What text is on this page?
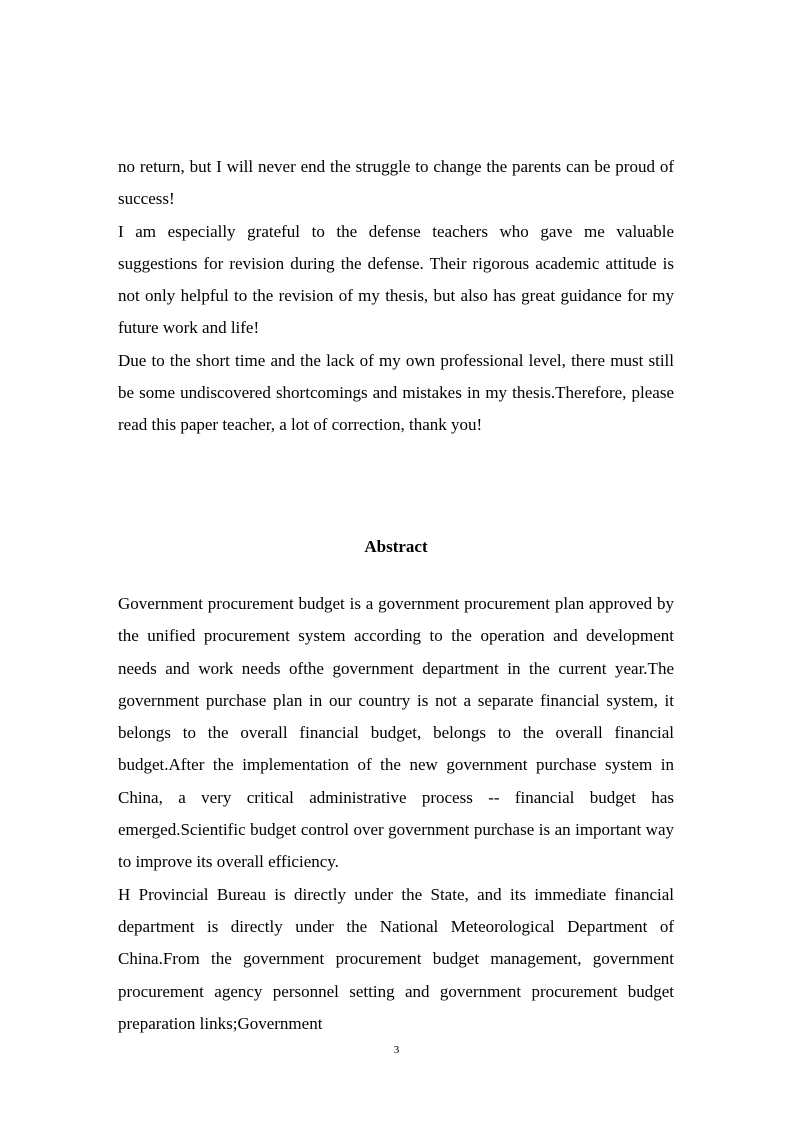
no return, but I will never end the struggle to change the parents can be proud of success!

I am especially grateful to the defense teachers who gave me valuable suggestions for revision during the defense. Their rigorous academic attitude is not only helpful to the revision of my thesis, but also has great guidance for my future work and life!

Due to the short time and the lack of my own professional level, there must still be some undiscovered shortcomings and mistakes in my thesis.Therefore, please read this paper teacher, a lot of correction, thank you!

Abstract

Government procurement budget is a government procurement plan approved by the unified procurement system according to the operation and development needs and work needs ofthe government department in the current year.The government purchase plan in our country is not a separate financial system, it belongs to the overall financial budget, belongs to the overall financial budget.After the implementation of the new government purchase system in China, a very critical administrative process -- financial budget has emerged.Scientific budget control over government purchase is an important way to improve its overall efficiency.

H Provincial Bureau is directly under the State, and its immediate financial department is directly under the National Meteorological Department of China.From the government procurement budget management, government procurement agency personnel setting and government procurement budget preparation links;Government

3
